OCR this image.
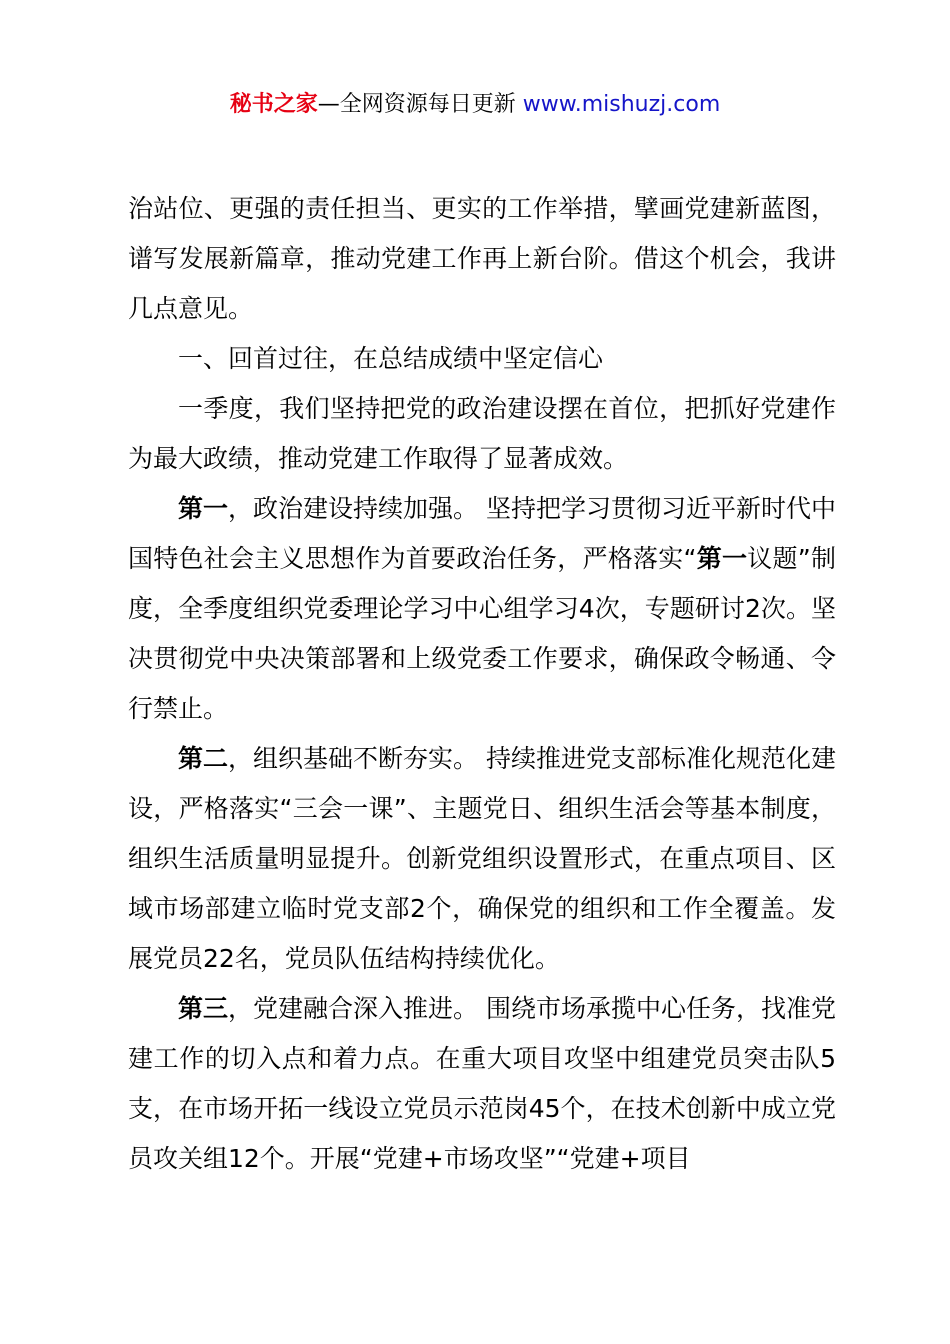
秘书之家—全网资源每日更新 www.mishuzj.com

治站位、更强的责任担当、更实的工作举措，擘画党建新蓝图，谱写发展新篇章，推动党建工作再上新台阶。借这个机会，我讲几点意见。

一、回首过往，在总结成绩中坚定信心

一季度，我们坚持把党的政治建设摆在首位，把抓好党建作为最大政绩，推动党建工作取得了显著成效。

第一，政治建设持续加强。 坚持把学习贯彻习近平新时代中国特色社会主义思想作为首要政治任务，严格落实“第一议题”制度，全季度组织党委理论学习中心组学习4次，专题研讨2次。坚决贯彻党中央决策部署和上级党委工作要求，确保政令畅通、令行禁止。

第二，组织基础不断夯实。 持续推进党支部标准化规范化建设，严格落实“三会一课”、主题党日、组织生活会等基本制度，组织生活质量明显提升。创新党组织设置形式，在重点项目、区域市场部建立临时党支部2个，确保党的组织和工作全覆盖。发展党员22名，党员队伍结构持续优化。

第三，党建融合深入推进。 围绕市场承揽中心任务，找准党建工作的切入点和着力点。在重大项目攻坚中组建党员突击队5支，在市场开拓一线设立党员示范岗45个，在技术创新中成立党员攻关组12个。开展“党建+市场攻坚”“党建+项目
